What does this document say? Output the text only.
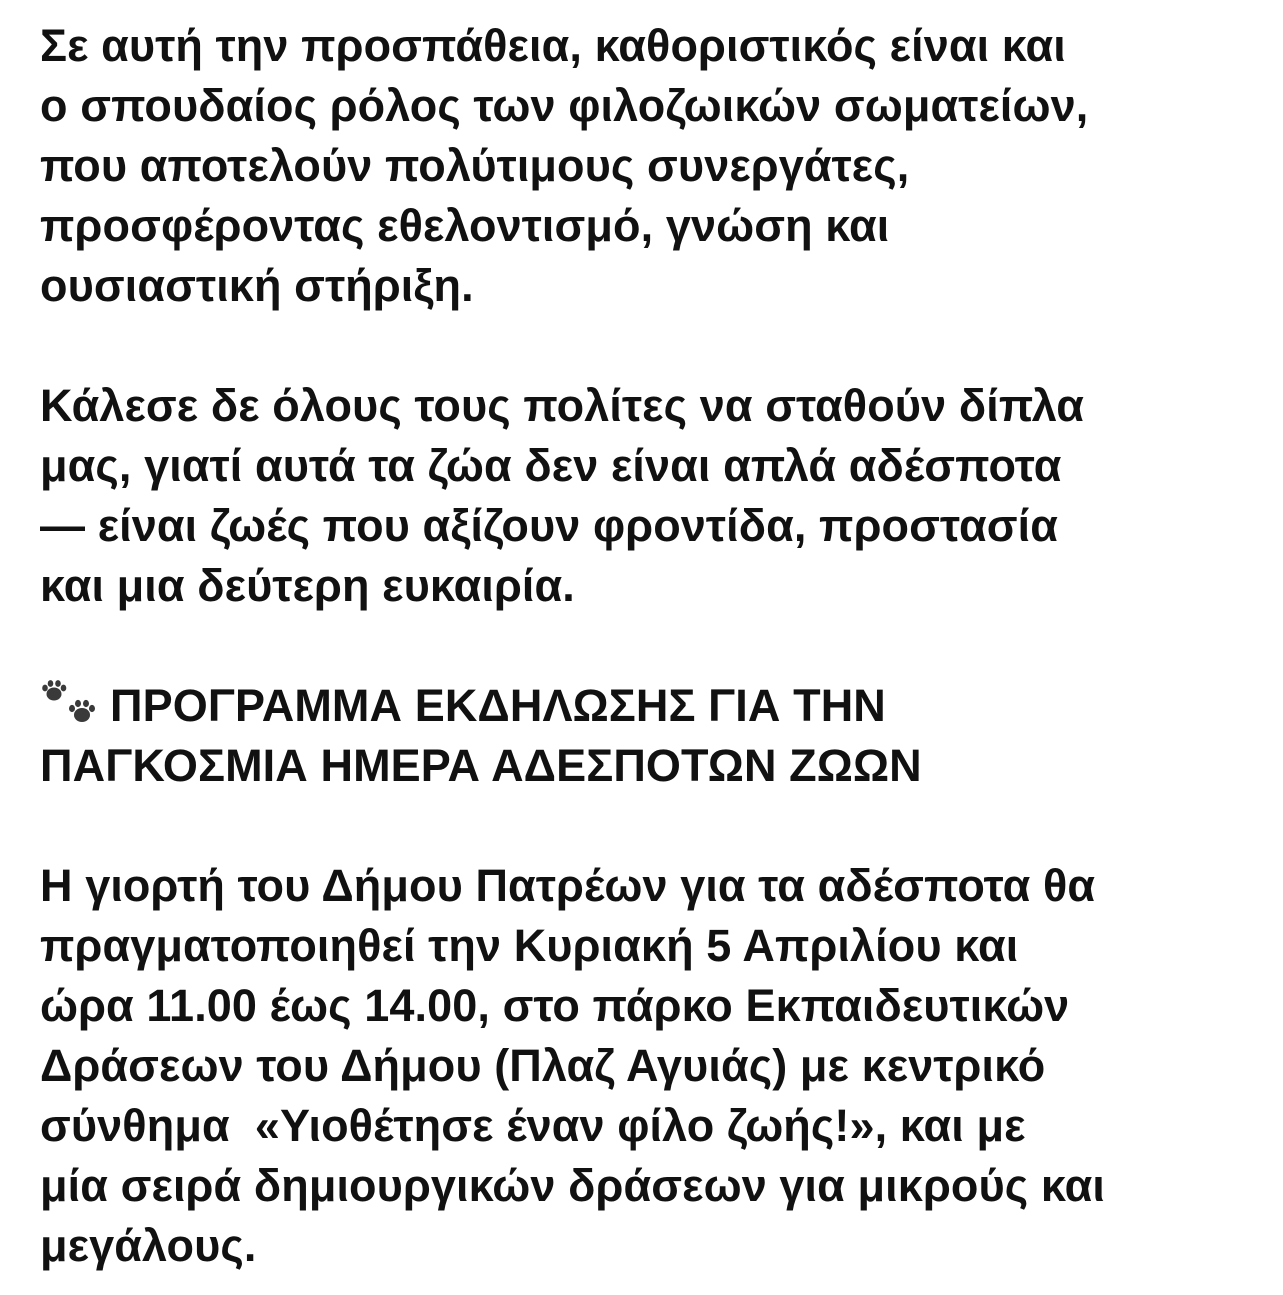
Σε αυτή την προσπάθεια, καθοριστικός είναι και
ο σπουδαίος ρόλος των φιλοζωικών σωματείων,
που αποτελούν πολύτιμους συνεργάτες,
προσφέροντας εθελοντισμό, γνώση και
ουσιαστική στήριξη.
Κάλεσε δε όλους τους πολίτες να σταθούν δίπλα
μας, γιατί αυτά τα ζώα δεν είναι απλά αδέσποτα
— είναι ζωές που αξίζουν φροντίδα, προστασία
και μια δεύτερη ευκαιρία.
ΠΡΟΓΡΑΜΜΑ ΕΚΔΗΛΩΣΗΣ ΓΙΑ ΤΗΝ
ΠΑΓΚΟΣΜΙΑ ΗΜΕΡΑ ΑΔΕΣΠΟΤΩΝ ΖΩΩΝ
Η γιορτή του Δήμου Πατρέων για τα αδέσποτα θα
πραγματοποιηθεί την Κυριακή 5 Απριλίου και
ώρα 11.00 έως 14.00, στο πάρκο Εκπαιδευτικών
Δράσεων του Δήμου (Πλαζ Αγυιάς) με κεντρικό
σύνθημα  «Υιοθέτησε έναν φίλο ζωής!», και με
μία σειρά δημιουργικών δράσεων για μικρούς και
μεγάλους.
